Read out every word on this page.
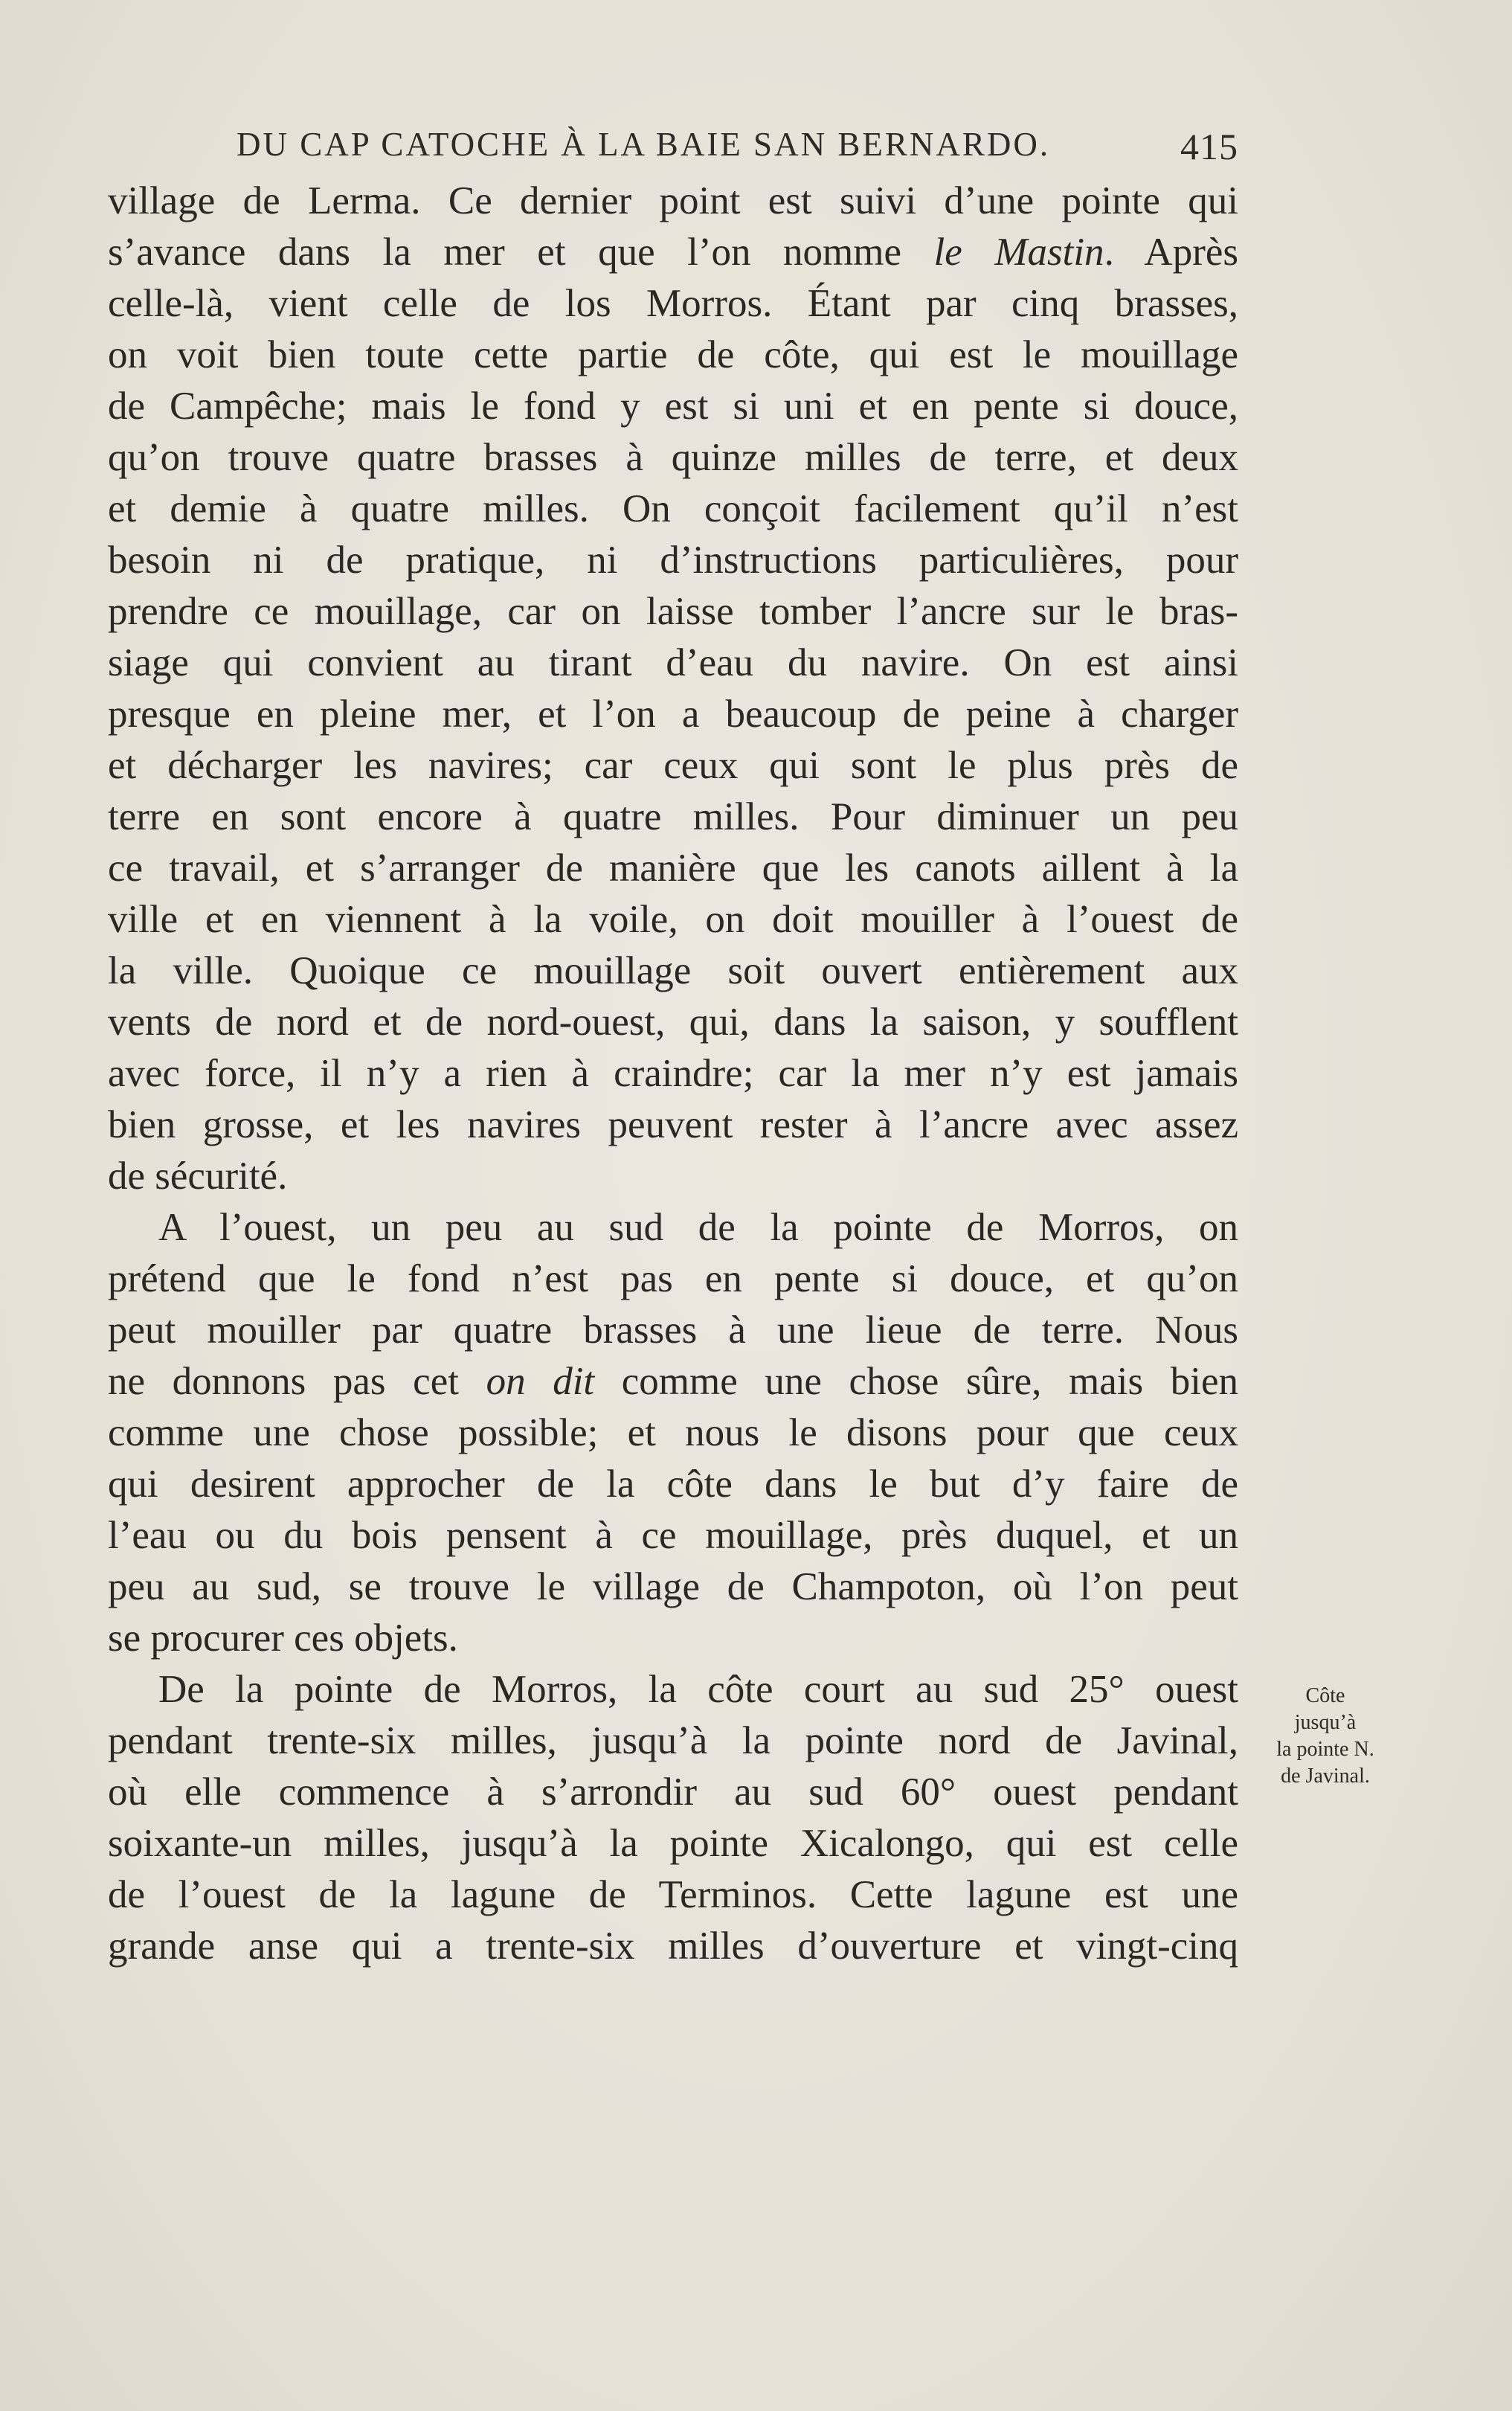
DU CAP CATOCHE À LA BAIE SAN BERNARDO.	415
village de Lerma. Ce dernier point est suivi d’une pointe qui
s’avance dans la mer et que l’on nomme le Mastin. Après
celle-là, vient celle de los Morros. Étant par cinq brasses,
on voit bien toute cette partie de côte, qui est le mouillage
de Campêche; mais le fond y est si uni et en pente si douce,
qu’on trouve quatre brasses à quinze milles de terre, et deux
et demie à quatre milles. On conçoit facilement qu’il n’est
besoin ni de pratique, ni d’instructions particulières, pour
prendre ce mouillage, car on laisse tomber l’ancre sur le bras-
siage qui convient au tirant d’eau du navire. On est ainsi
presque en pleine mer, et l’on a beaucoup de peine à charger
et décharger les navires; car ceux qui sont le plus près de
terre en sont encore à quatre milles. Pour diminuer un peu
ce travail, et s’arranger de manière que les canots aillent à la
ville et en viennent à la voile, on doit mouiller à l’ouest de
la ville. Quoique ce mouillage soit ouvert entièrement aux
vents de nord et de nord-ouest, qui, dans la saison, y soufflent
avec force, il n’y a rien à craindre; car la mer n’y est jamais
bien grosse, et les navires peuvent rester à l’ancre avec assez
de sécurité.
A l’ouest, un peu au sud de la pointe de Morros, on
prétend que le fond n’est pas en pente si douce, et qu’on
peut mouiller par quatre brasses à une lieue de terre. Nous
ne donnons pas cet on dit comme une chose sûre, mais bien
comme une chose possible; et nous le disons pour que ceux
qui desirent approcher de la côte dans le but d’y faire de
l’eau ou du bois pensent à ce mouillage, près duquel, et un
peu au sud, se trouve le village de Champoton, où l’on peut
se procurer ces objets.
De la pointe de Morros, la côte court au sud 25° ouest
pendant trente-six milles, jusqu’à la pointe nord de Javinal,
où elle commence à s’arrondir au sud 60° ouest pendant
soixante-un milles, jusqu’à la pointe Xicalongo, qui est celle
de l’ouest de la lagune de Terminos. Cette lagune est une
grande anse qui a trente-six milles d’ouverture et vingt-cinq
Côte
jusqu’à
la pointe N.
de Javinal.
